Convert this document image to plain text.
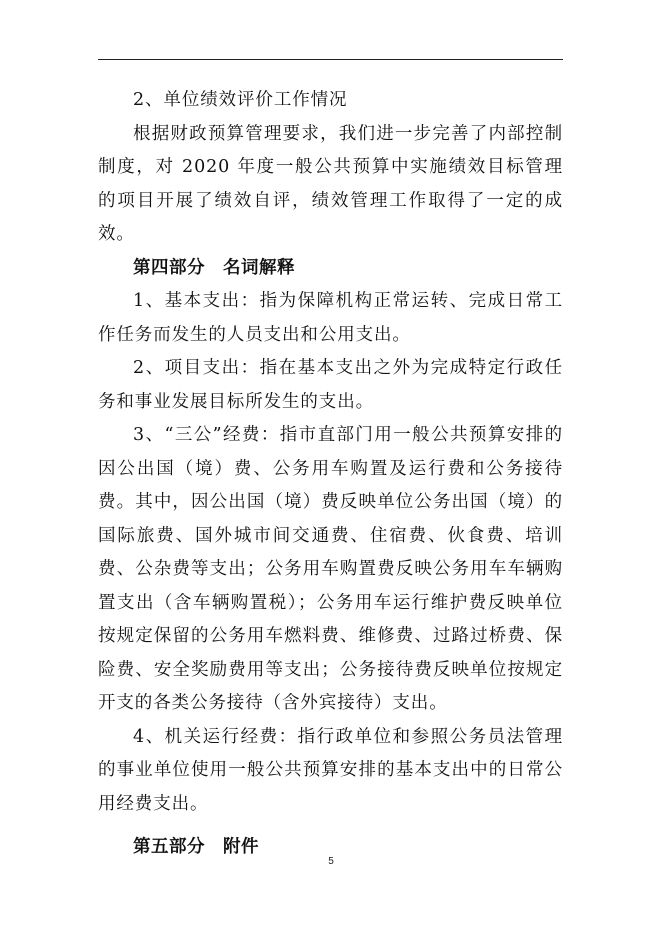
2、单位绩效评价工作情况

根据财政预算管理要求，我们进一步完善了内部控制制度，对 2020 年度一般公共预算中实施绩效目标管理的项目开展了绩效自评，绩效管理工作取得了一定的成效。

第四部分 名词解释

1、基本支出：指为保障机构正常运转、完成日常工作任务而发生的人员支出和公用支出。

2、项目支出：指在基本支出之外为完成特定行政任务和事业发展目标所发生的支出。

3、“三公”经费：指市直部门用一般公共预算安排的因公出国（境）费、公务用车购置及运行费和公务接待费。其中，因公出国（境）费反映单位公务出国（境）的国际旅费、国外城市间交通费、住宿费、伙食费、培训费、公杂费等支出；公务用车购置费反映公务用车车辆购置支出（含车辆购置税）；公务用车运行维护费反映单位按规定保留的公务用车燃料费、维修费、过路过桥费、保险费、安全奖励费用等支出；公务接待费反映单位按规定开支的各类公务接待（含外宾接待）支出。

4、机关运行经费：指行政单位和参照公务员法管理的事业单位使用一般公共预算安排的基本支出中的日常公用经费支出。

第五部分 附件

5
